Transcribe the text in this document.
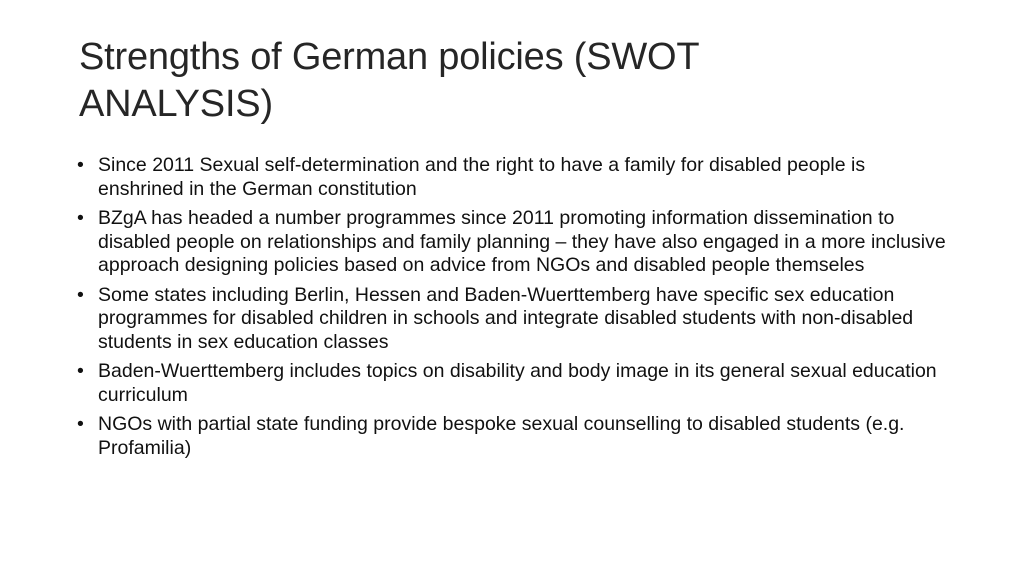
Strengths of German policies (SWOT ANALYSIS)
• Since 2011 Sexual self-determination and the right to have a family for disabled people is enshrined in the German constitution
• BZgA has headed a number programmes since 2011 promoting information dissemination to disabled people on relationships and family planning – they have also engaged in a more inclusive approach designing policies based on advice from NGOs and disabled people themseles
• Some states including Berlin, Hessen and Baden-Wuerttemberg have specific sex education programmes for disabled children in schools and integrate disabled students with non-disabled students in sex education classes
• Baden-Wuerttemberg includes topics on disability and body image in its general sexual education curriculum
• NGOs with partial state funding provide bespoke sexual counselling to disabled students (e.g. Profamilia)
